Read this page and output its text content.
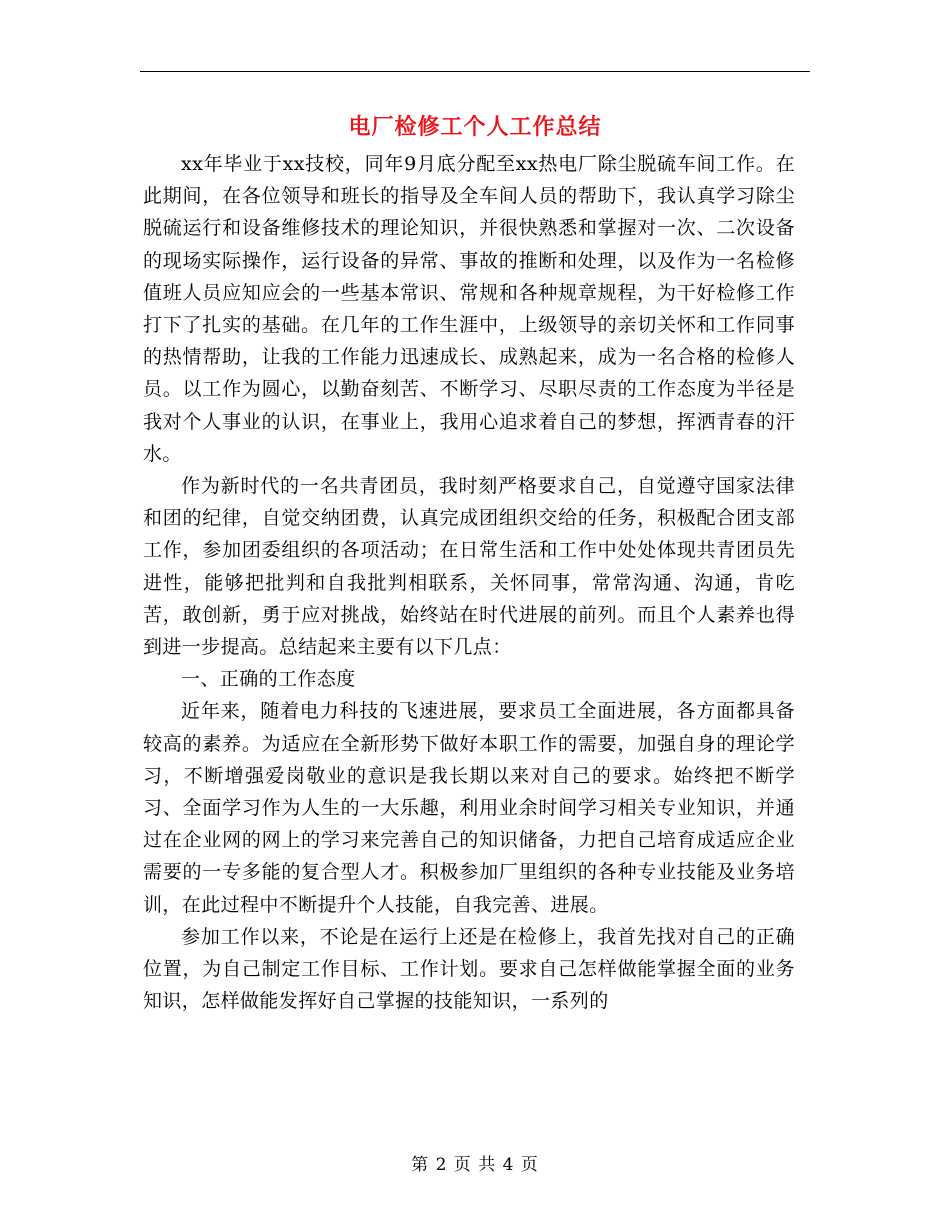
电厂检修工个人工作总结

xx年毕业于xx技校，同年9月底分配至xx热电厂除尘脱硫车间工作。在此期间，在各位领导和班长的指导及全车间人员的帮助下，我认真学习除尘脱硫运行和设备维修技术的理论知识，并很快熟悉和掌握对一次、二次设备的现场实际操作，运行设备的异常、事故的推断和处理，以及作为一名检修值班人员应知应会的一些基本常识、常规和各种规章规程，为干好检修工作打下了扎实的基础。在几年的工作生涯中，上级领导的亲切关怀和工作同事的热情帮助，让我的工作能力迅速成长、成熟起来，成为一名合格的检修人员。以工作为圆心，以勤奋刻苦、不断学习、尽职尽责的工作态度为半径是我对个人事业的认识，在事业上，我用心追求着自己的梦想，挥洒青春的汗水。

作为新时代的一名共青团员，我时刻严格要求自己，自觉遵守国家法律和团的纪律，自觉交纳团费，认真完成团组织交给的任务，积极配合团支部工作，参加团委组织的各项活动；在日常生活和工作中处处体现共青团员先进性，能够把批判和自我批判相联系，关怀同事，常常沟通、沟通，肯吃苦，敢创新，勇于应对挑战，始终站在时代进展的前列。而且个人素养也得到进一步提高。总结起来主要有以下几点：

一、正确的工作态度

近年来，随着电力科技的飞速进展，要求员工全面进展，各方面都具备较高的素养。为适应在全新形势下做好本职工作的需要，加强自身的理论学习，不断增强爱岗敬业的意识是我长期以来对自己的要求。始终把不断学习、全面学习作为人生的一大乐趣，利用业余时间学习相关专业知识，并通过在企业网的网上的学习来完善自己的知识储备，力把自己培育成适应企业需要的一专多能的复合型人才。积极参加厂里组织的各种专业技能及业务培训，在此过程中不断提升个人技能，自我完善、进展。

参加工作以来，不论是在运行上还是在检修上，我首先找对自己的正确位置，为自己制定工作目标、工作计划。要求自己怎样做能掌握全面的业务知识，怎样做能发挥好自己掌握的技能知识，一系列的

第 2 页 共 4 页
